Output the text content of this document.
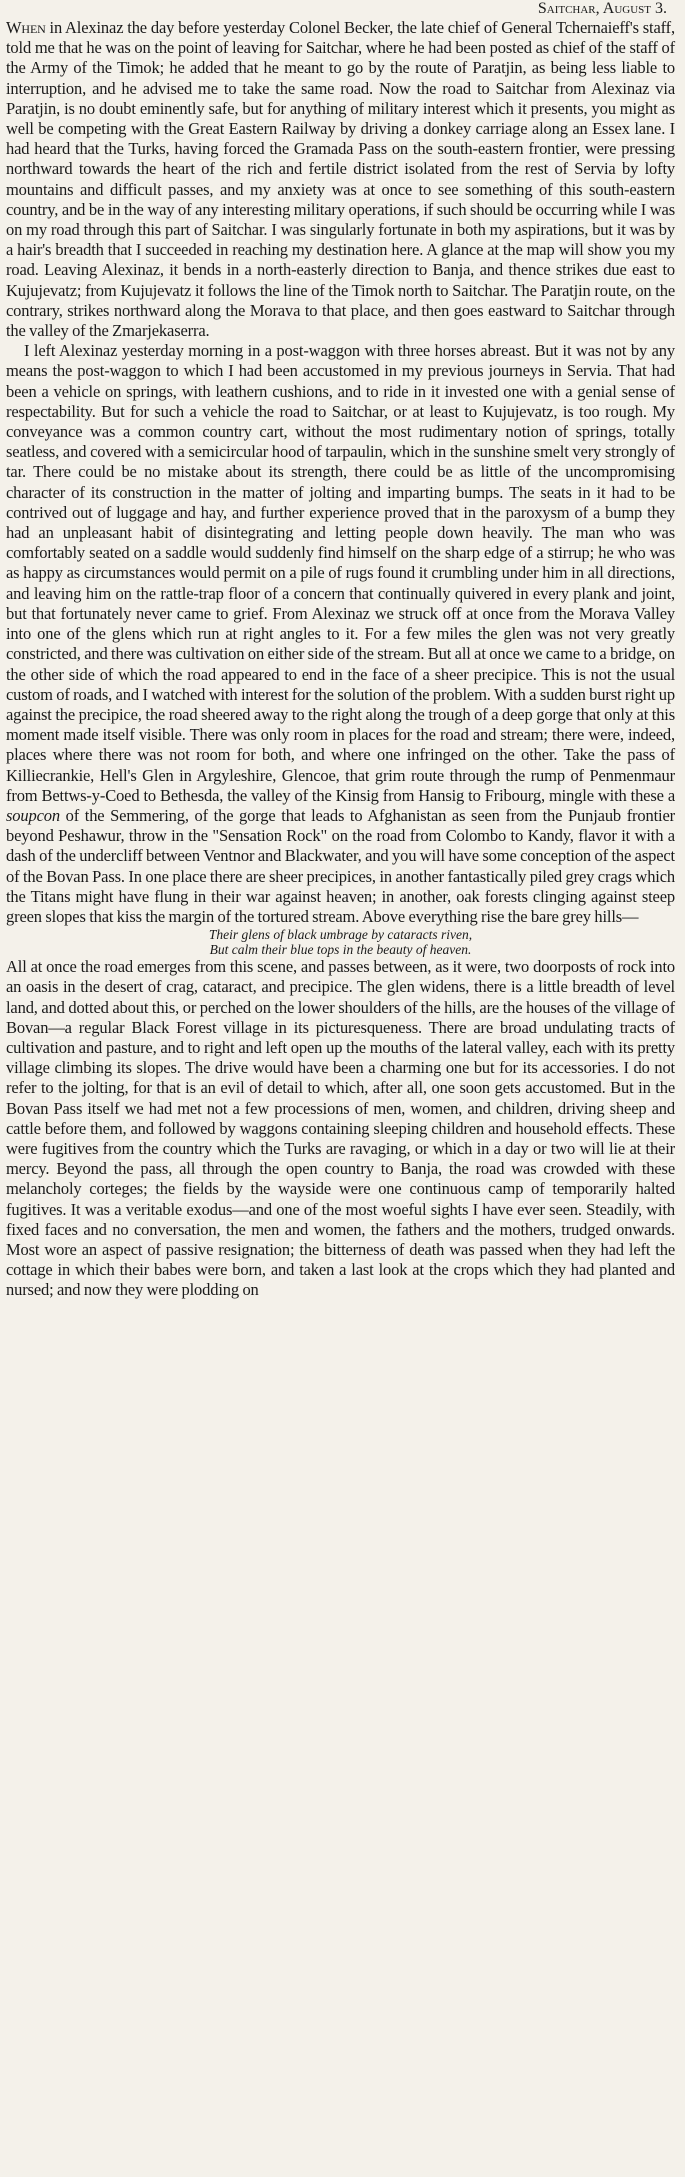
Saitchar, August 3.

When in Alexinaz the day before yesterday Colonel Becker, the late chief of General Tchernaieff's staff, told me that he was on the point of leaving for Saitchar, where he had been posted as chief of the staff of the Army of the Timok; he added that he meant to go by the route of Paratjin, as being less liable to interruption, and he advised me to take the same road. Now the road to Saitchar from Alexinaz via Paratjin, is no doubt eminently safe, but for anything of military interest which it presents, you might as well be competing with the Great Eastern Railway by driving a donkey carriage along an Essex lane. I had heard that the Turks, having forced the Gramada Pass on the south-eastern frontier, were pressing northward towards the heart of the rich and fertile district isolated from the rest of Servia by lofty mountains and difficult passes, and my anxiety was at once to see something of this south-eastern country, and be in the way of any interesting military operations, if such should be occurring while I was on my road through this part of Saitchar. I was singularly fortunate in both my aspirations, but it was by a hair's breadth that I succeeded in reaching my destination here. A glance at the map will show you my road. Leaving Alexinaz, it bends in a north-easterly direction to Banja, and thence strikes due east to Kujujevatz; from Kujujevatz it follows the line of the Timok north to Saitchar. The Paratjin route, on the contrary, strikes northward along the Morava to that place, and then goes eastward to Saitchar through the valley of the Zmarjekaserra.

I left Alexinaz yesterday morning in a post-waggon with three horses abreast. But it was not by any means the post-waggon to which I had been accustomed in my previous journeys in Servia. That had been a vehicle on springs, with leathern cushions, and to ride in it invested one with a genial sense of respectability. But for such a vehicle the road to Saitchar, or at least to Kujujevatz, is too rough. My conveyance was a common country cart, without the most rudimentary notion of springs, totally seatless, and covered with a semicircular hood of tarpaulin, which in the sunshine smelt very strongly of tar. There could be no mistake about its strength, there could be as little of the uncompromising character of its construction in the matter of jolting and imparting bumps. The seats in it had to be contrived out of luggage and hay, and further experience proved that in the paroxysm of a bump they had an unpleasant habit of disintegrating and letting people down heavily. The man who was comfortably seated on a saddle would suddenly find himself on the sharp edge of a stirrup; he who was as happy as circumstances would permit on a pile of rugs found it crumbling under him in all directions, and leaving him on the rattle-trap floor of a concern that continually quivered in every plank and joint, but that fortunately never came to grief. From Alexinaz we struck off at once from the Morava Valley into one of the glens which run at right angles to it. For a few miles the glen was not very greatly constricted, and there was cultivation on either side of the stream. But all at once we came to a bridge, on the other side of which the road appeared to end in the face of a sheer precipice. This is not the usual custom of roads, and I watched with interest for the solution of the problem. With a sudden burst right up against the precipice, the road sheered away to the right along the trough of a deep gorge that only at this moment made itself visible. There was only room in places for the road and stream; there were, indeed, places where there was not room for both, and where one infringed on the other. Take the pass of Killiecrankie, Hell's Glen in Argyleshire, Glencoe, that grim route through the rump of Penmenmaur from Bettws-y-Coed to Bethesda, the valley of the Kinsig from Hansig to Fribourg, mingle with these a soupcon of the Semmering, of the gorge that leads to Afghanistan as seen from the Punjaub frontier beyond Peshawur, throw in the "Sensation Rock" on the road from Colombo to Kandy, flavor it with a dash of the undercliff between Ventnor and Blackwater, and you will have some conception of the aspect of the Bovan Pass. In one place there are sheer precipices, in another fantastically piled grey crags which the Titans might have flung in their war against heaven; in another, oak forests clinging against steep green slopes that kiss the margin of the tortured stream. Above everything rise the bare grey hills—

Their glens of black umbrage by cataracts riven,
But calm their blue tops in the beauty of heaven.

All at once the road emerges from this scene, and passes between, as it were, two doorposts of rock into an oasis in the desert of crag, cataract, and precipice. The glen widens, there is a little breadth of level land, and dotted about this, or perched on the lower shoulders of the hills, are the houses of the village of Bovan—a regular Black Forest village in its picturesqueness. There are broad undulating tracts of cultivation and pasture, and to right and left open up the mouths of the lateral valley, each with its pretty village climbing its slopes. The drive would have been a charming one but for its accessories. I do not refer to the jolting, for that is an evil of detail to which, after all, one soon gets accustomed. But in the Bovan Pass itself we had met not a few processions of men, women, and children, driving sheep and cattle before them, and followed by waggons containing sleeping children and household effects. These were fugitives from the country which the Turks are ravaging, or which in a day or two will lie at their mercy. Beyond the pass, all through the open country to Banja, the road was crowded with these melancholy corteges; the fields by the wayside were one continuous camp of temporarily halted fugitives. It was a veritable exodus—and one of the most woeful sights I have ever seen. Steadily, with fixed faces and no conversation, the men and women, the fathers and the mothers, trudged onwards. Most wore an aspect of passive resignation; the bitterness of death was passed when they had left the cottage in which their babes were born, and taken a last look at the crops which they had planted and nursed; and now they were plodding on
